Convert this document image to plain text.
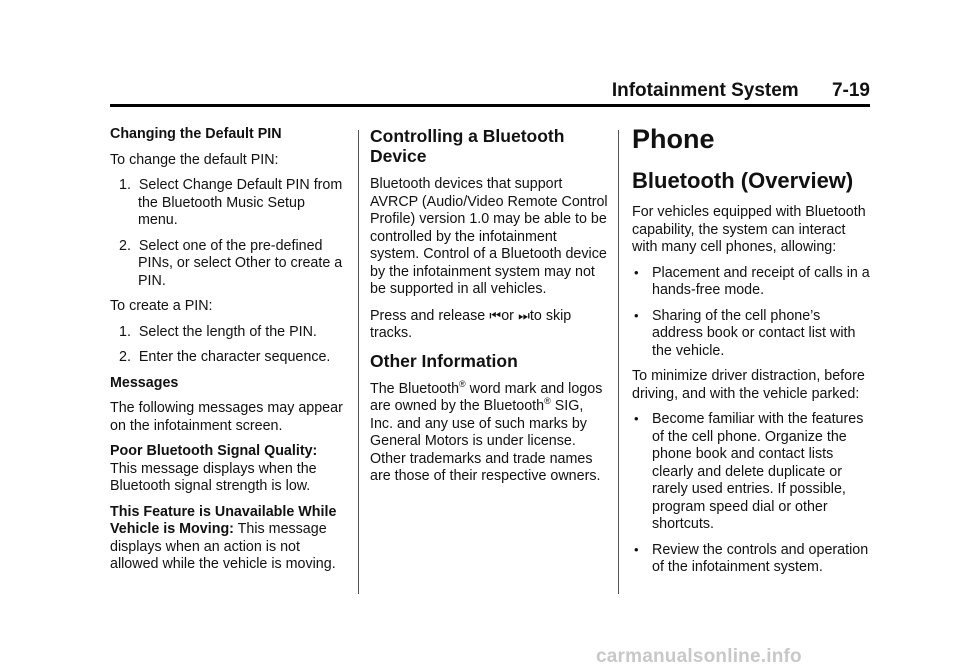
Infotainment System 7-19

Changing the Default PIN

To change the default PIN:

1.  Select Change Default PIN from the Bluetooth Music Setup menu.
2.  Select one of the pre-defined PINs, or select Other to create a PIN.

To create a PIN:

1.  Select the length of the PIN.
2.  Enter the character sequence.

Messages

The following messages may appear on the infotainment screen.

Poor Bluetooth Signal Quality: This message displays when the Bluetooth signal strength is low.

This Feature is Unavailable While Vehicle is Moving: This message displays when an action is not allowed while the vehicle is moving.

Controlling a Bluetooth Device

Bluetooth devices that support AVRCP (Audio/Video Remote Control Profile) version 1.0 may be able to be controlled by the infotainment system. Control of a Bluetooth device by the infotainment system may not be supported in all vehicles.

Press and release ⏮or ⏭to skip tracks.

Other Information

The Bluetooth® word mark and logos are owned by the Bluetooth® SIG, Inc. and any use of such marks by General Motors is under license. Other trademarks and trade names are those of their respective owners.

Phone
Bluetooth (Overview)

For vehicles equipped with Bluetooth capability, the system can interact with many cell phones, allowing:

• Placement and receipt of calls in a hands-free mode.
• Sharing of the cell phone’s address book or contact list with the vehicle.

To minimize driver distraction, before driving, and with the vehicle parked:

• Become familiar with the features of the cell phone. Organize the phone book and contact lists clearly and delete duplicate or rarely used entries. If possible, program speed dial or other shortcuts.
• Review the controls and operation of the infotainment system.
carmanualsonline.info
